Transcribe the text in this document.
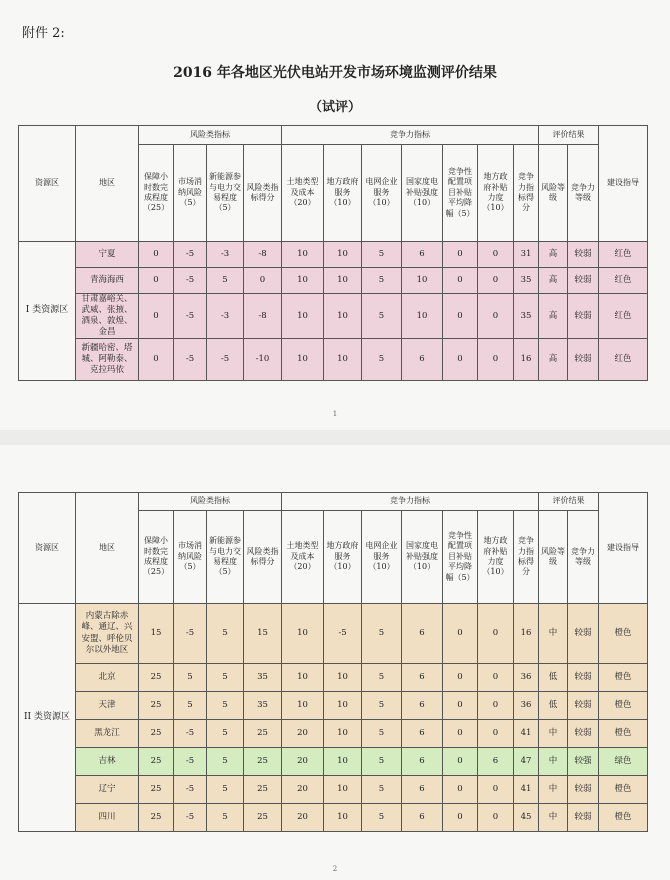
附件 2:
2016 年各地区光伏电站开发市场环境监测评价结果
（试评）
资源区	地区	风险类指标				竞争力指标							评价结果		建设指导
		保障小时数完成程度（25）	市场消纳风险（5）	新能源参与电力交易程度（5）	风险类指标得分	土地类型及成本（20）	地方政府服务（10）	电网企业服务（10）	国家度电补贴强度（10）	竞争性配置项目补贴平均降幅（5）	地方政府补贴力度（10）	竞争力指标得分	风险等级	竞争力等级	
I 类资源区	宁夏	0	-5	-3	-8	10	10	5	6	0	0	31	高	较弱	红色
	青海海西	0	-5	5	0	10	10	5	10	0	0	35	高	较弱	红色
	甘肃嘉峪关、武威、张掖、酒泉、敦煌、金昌	0	-5	-3	-8	10	10	5	10	0	0	35	高	较弱	红色
	新疆哈密、塔城、阿勒泰、克拉玛依	0	-5	-5	-10	10	10	5	6	0	0	16	高	较弱	红色
1
资源区	地区	风险类指标				竞争力指标							评价结果		建设指导
		保障小时数完成程度（25）	市场消纳风险（5）	新能源参与电力交易程度（5）	风险类指标得分	土地类型及成本（20）	地方政府服务（10）	电网企业服务（10）	国家度电补贴强度（10）	竞争性配置项目补贴平均降幅（5）	地方政府补贴力度（10）	竞争力指标得分	风险等级	竞争力等级	
II 类资源区	内蒙古除赤峰、通辽、兴安盟、呼伦贝尔以外地区	15	-5	5	15	10	-5	5	6	0	0	16	中	较弱	橙色
	北京	25	5	5	35	10	10	5	6	0	0	36	低	较弱	橙色
	天津	25	5	5	35	10	10	5	6	0	0	36	低	较弱	橙色
	黑龙江	25	-5	5	25	20	10	5	6	0	0	41	中	较弱	橙色
	吉林	25	-5	5	25	20	10	5	6	0	6	47	中	较强	绿色
	辽宁	25	-5	5	25	20	10	5	6	0	0	41	中	较弱	橙色
	四川	25	-5	5	25	20	10	5	6	0	0	45	中	较弱	橙色
2
